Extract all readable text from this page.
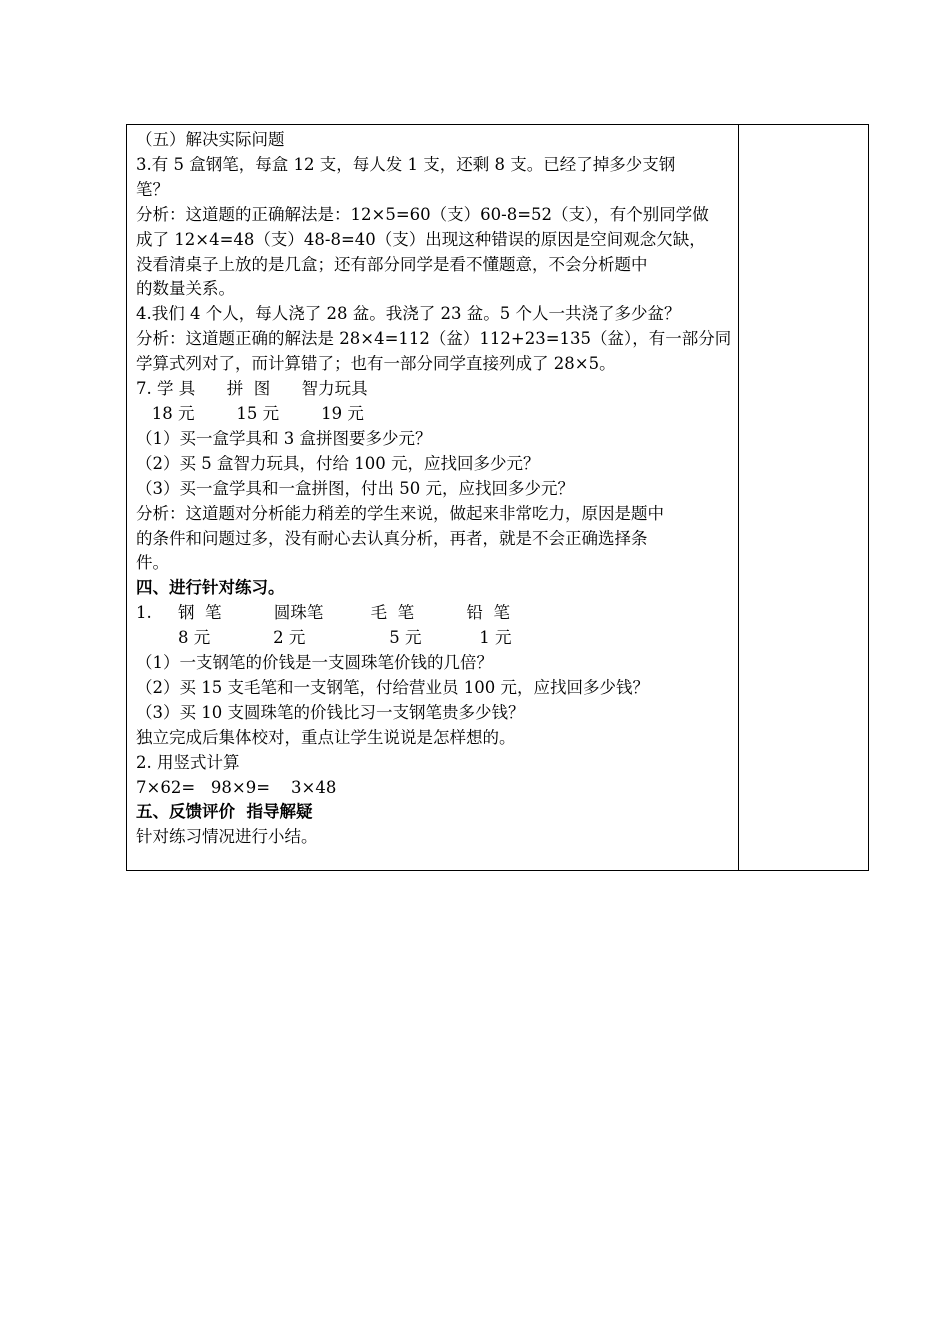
（五）解决实际问题

3.有 5 盒钢笔，每盒 12 支，每人发 1 支，还剩 8 支。已经了掉多少支钢

笔？

分析：这道题的正确解法是：12×5=60（支）60-8=52（支），有个别同学做

成了 12×4=48（支）48-8=40（支）出现这种错误的原因是空间观念欠缺，

没看清桌子上放的是几盒；还有部分同学是看不懂题意，不会分析题中

的数量关系。

4.我们 4 个人，每人浇了 28 盆。我浇了 23 盆。5 个人一共浇了多少盆？

分析：这道题正确的解法是 28×4=112（盆）112+23=135（盆），有一部分同

学算式列对了，而计算错了；也有一部分同学直接列成了 28×5。

7. 学 具      拼  图      智力玩具

18 元        15 元        19 元

（1）买一盒学具和 3 盒拼图要多少元？

（2）买 5 盒智力玩具，付给 100 元，应找回多少元？

（3）买一盒学具和一盒拼图，付出 50 元，应找回多少元？

分析：这道题对分析能力稍差的学生来说，做起来非常吃力，原因是题中

的条件和问题过多，没有耐心去认真分析，再者，就是不会正确选择条

件。

四、进行针对练习。

1.     钢  笔          圆珠笔         毛  笔          铅  笔

8 元            2 元                5 元           1 元

（1）一支钢笔的价钱是一支圆珠笔价钱的几倍？

（2）买 15 支毛笔和一支钢笔，付给营业员 100 元，应找回多少钱？

（3）买 10 支圆珠笔的价钱比习一支钢笔贵多少钱？

独立完成后集体校对，重点让学生说说是怎样想的。

2. 用竖式计算

7×62=   98×9=    3×48

五、反馈评价  指导解疑

针对练习情况进行小结。
